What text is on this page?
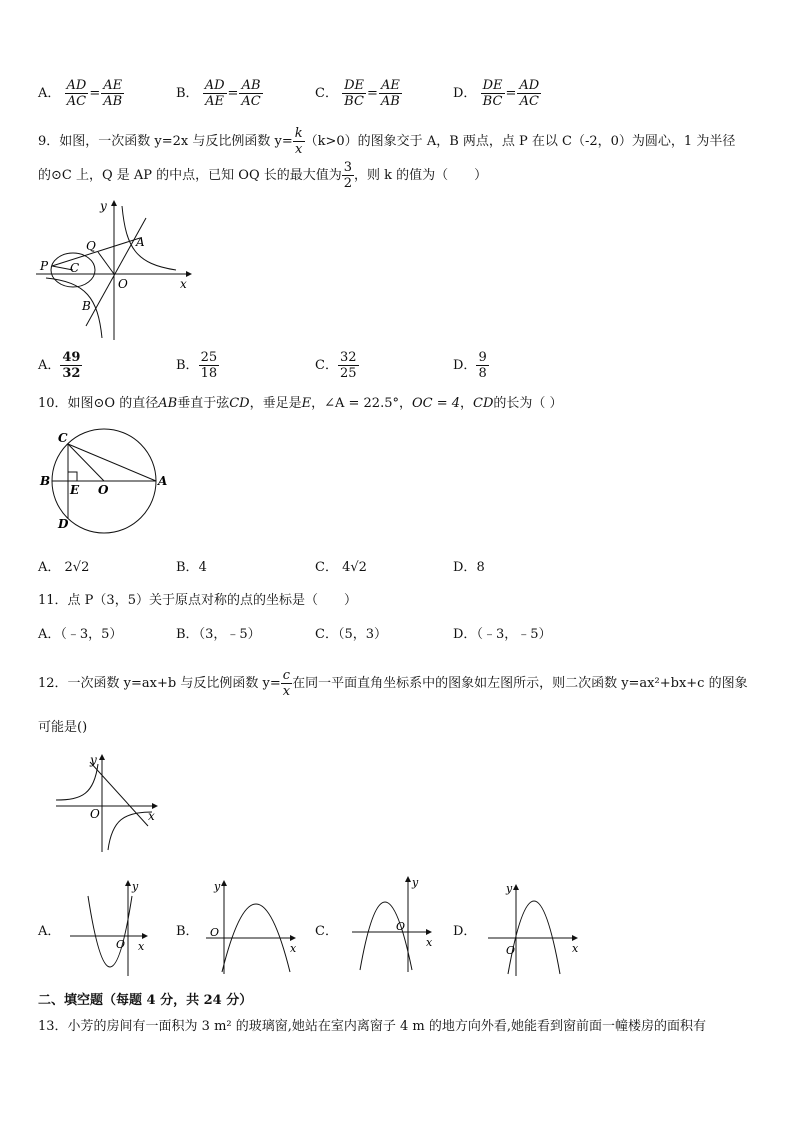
A． $\frac{AD}{AC} = \frac{AE}{AB}$	B． $\frac{AD}{AE} = \frac{AB}{AC}$	C． $\frac{DE}{BC} = \frac{AE}{AB}$	D． $\frac{DE}{BC} = \frac{AD}{AC}$
9．如图，一次函数 y=2x 与反比例函数 $y= \frac{k}{x} (k>0)$的图象交于 A，B 两点，点 P 在以 C（-2，0）为圆心，1 为半径
的⊙C 上，Q 是 AP 的中点，已知 OQ 长的最大值为 $\frac{3}{2}$ ，则 k 的值为（　　）
y
x
A
B
P
Q
C
O
A． $\frac{49}{32}$	B． $\frac{25}{18}$	C． $\frac{32}{25}$	D． $\frac{9}{8}$
10．如图⊙O 的直径AB垂直于弦CD，垂足是E，∠A = 22.5°，OC = 4，CD的长为（ ）
C
B
E O
A
D
A． 2√2	B．4	C． 4√2	D．8
11．点 P（3，5）关于原点对称的点的坐标是（　　）
A．（﹣3，5）	B．（3，﹣5）	C．（5，3）	D．（﹣3，﹣5）
12．一次函数 y=ax+b 与反比例函数 $y= \frac{c}{x}$ 在同一平面直角坐标系中的图象如左图所示，则二次函数 y=ax²+bx+c 的图象
可能是()
y
O	x
A．
y
O x
B．
y
O
x
C．
y
O
x
D．
y
O	x
二、填空题（每题 4 分，共 24 分）
13．小芳的房间有一面积为 3 m² 的玻璃窗,她站在室内离窗子 4 m 的地方向外看,她能看到窗前面一幢楼房的面积有
